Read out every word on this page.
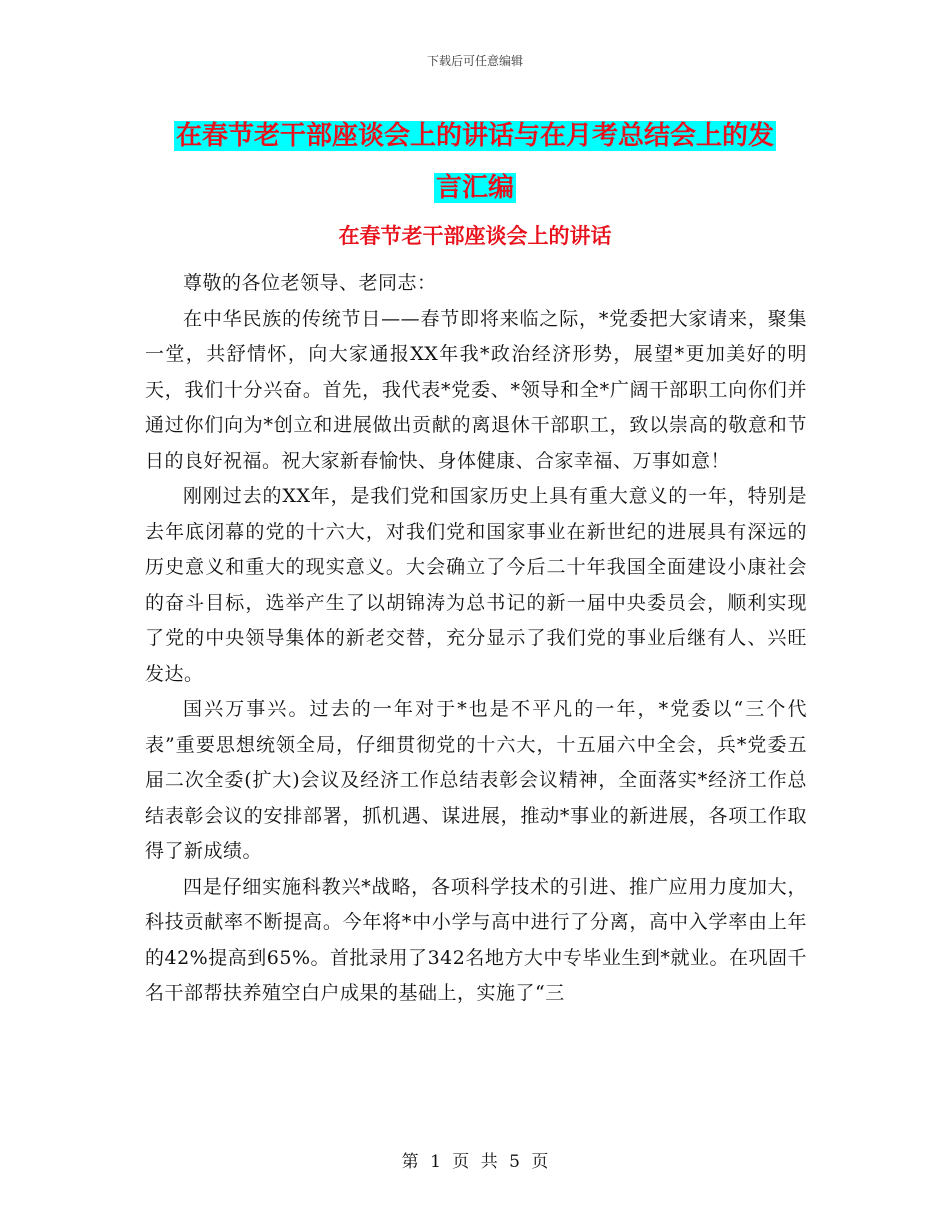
下载后可任意编辑
在春节老干部座谈会上的讲话与在月考总结会上的发
言汇编
在春节老干部座谈会上的讲话

尊敬的各位老领导、老同志：

在中华民族的传统节日——春节即将来临之际，*党委把大家请来，聚集一堂，共舒情怀，向大家通报XX年我*政治经济形势，展望*更加美好的明天，我们十分兴奋。首先，我代表*党委、*领导和全*广阔干部职工向你们并通过你们向为*创立和进展做出贡献的离退休干部职工，致以崇高的敬意和节日的良好祝福。祝大家新春愉快、身体健康、合家幸福、万事如意！

刚刚过去的XX年，是我们党和国家历史上具有重大意义的一年，特别是去年底闭幕的党的十六大，对我们党和国家事业在新世纪的进展具有深远的历史意义和重大的现实意义。大会确立了今后二十年我国全面建设小康社会的奋斗目标，选举产生了以胡锦涛为总书记的新一届中央委员会，顺利实现了党的中央领导集体的新老交替，充分显示了我们党的事业后继有人、兴旺发达。

国兴万事兴。过去的一年对于*也是不平凡的一年，*党委以“三个代表”重要思想统领全局，仔细贯彻党的十六大，十五届六中全会，兵*党委五届二次全委(扩大)会议及经济工作总结表彰会议精神，全面落实*经济工作总结表彰会议的安排部署，抓机遇、谋进展，推动*事业的新进展，各项工作取得了新成绩。

四是仔细实施科教兴*战略，各项科学技术的引进、推广应用力度加大，科技贡献率不断提高。今年将*中小学与高中进行了分离，高中入学率由上年的42%提高到65%。首批录用了342名地方大中专毕业生到*就业。在巩固千名干部帮扶养殖空白户成果的基础上，实施了“三

第 1 页 共 5 页
